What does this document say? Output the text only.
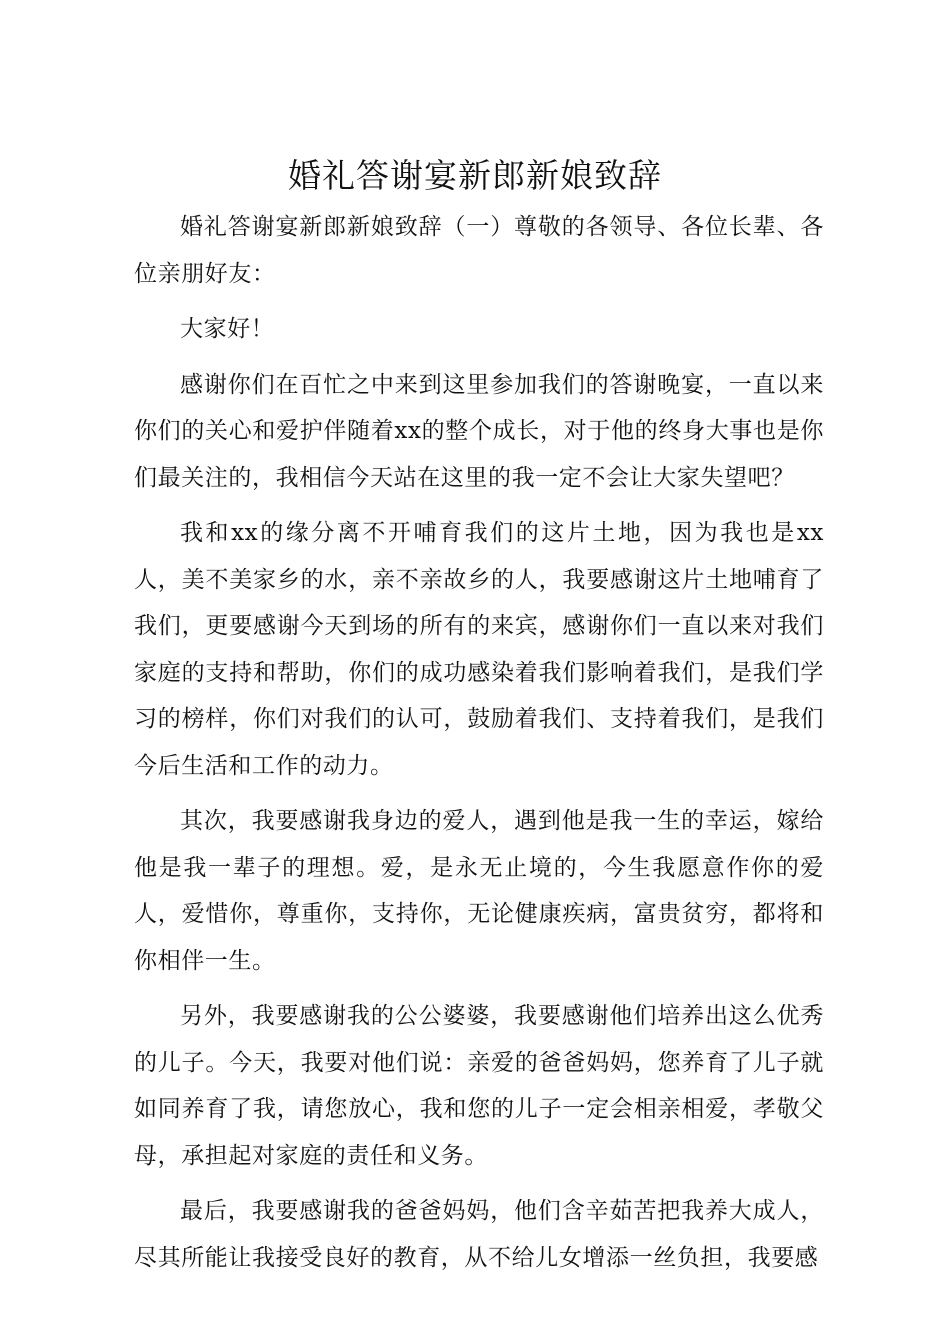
婚礼答谢宴新郎新娘致辞

婚礼答谢宴新郎新娘致辞（一）尊敬的各领导、各位长辈、各位亲朋好友：

大家好！

感谢你们在百忙之中来到这里参加我们的答谢晚宴，一直以来你们的关心和爱护伴随着xx的整个成长，对于他的终身大事也是你们最关注的，我相信今天站在这里的我一定不会让大家失望吧？

我和xx的缘分离不开哺育我们的这片土地，因为我也是xx人，美不美家乡的水，亲不亲故乡的人，我要感谢这片土地哺育了我们，更要感谢今天到场的所有的来宾，感谢你们一直以来对我们家庭的支持和帮助，你们的成功感染着我们影响着我们，是我们学习的榜样，你们对我们的认可，鼓励着我们、支持着我们，是我们今后生活和工作的动力。

其次，我要感谢我身边的爱人，遇到他是我一生的幸运，嫁给他是我一辈子的理想。爱，是永无止境的，今生我愿意作你的爱人，爱惜你，尊重你，支持你，无论健康疾病，富贵贫穷，都将和你相伴一生。

另外，我要感谢我的公公婆婆，我要感谢他们培养出这么优秀的儿子。今天，我要对他们说：亲爱的爸爸妈妈，您养育了儿子就如同养育了我，请您放心，我和您的儿子一定会相亲相爱，孝敬父母，承担起对家庭的责任和义务。

最后，我要感谢我的爸爸妈妈，他们含辛茹苦把我养大成人，尽其所能让我接受良好的教育，从不给儿女增添一丝负担，我要感
